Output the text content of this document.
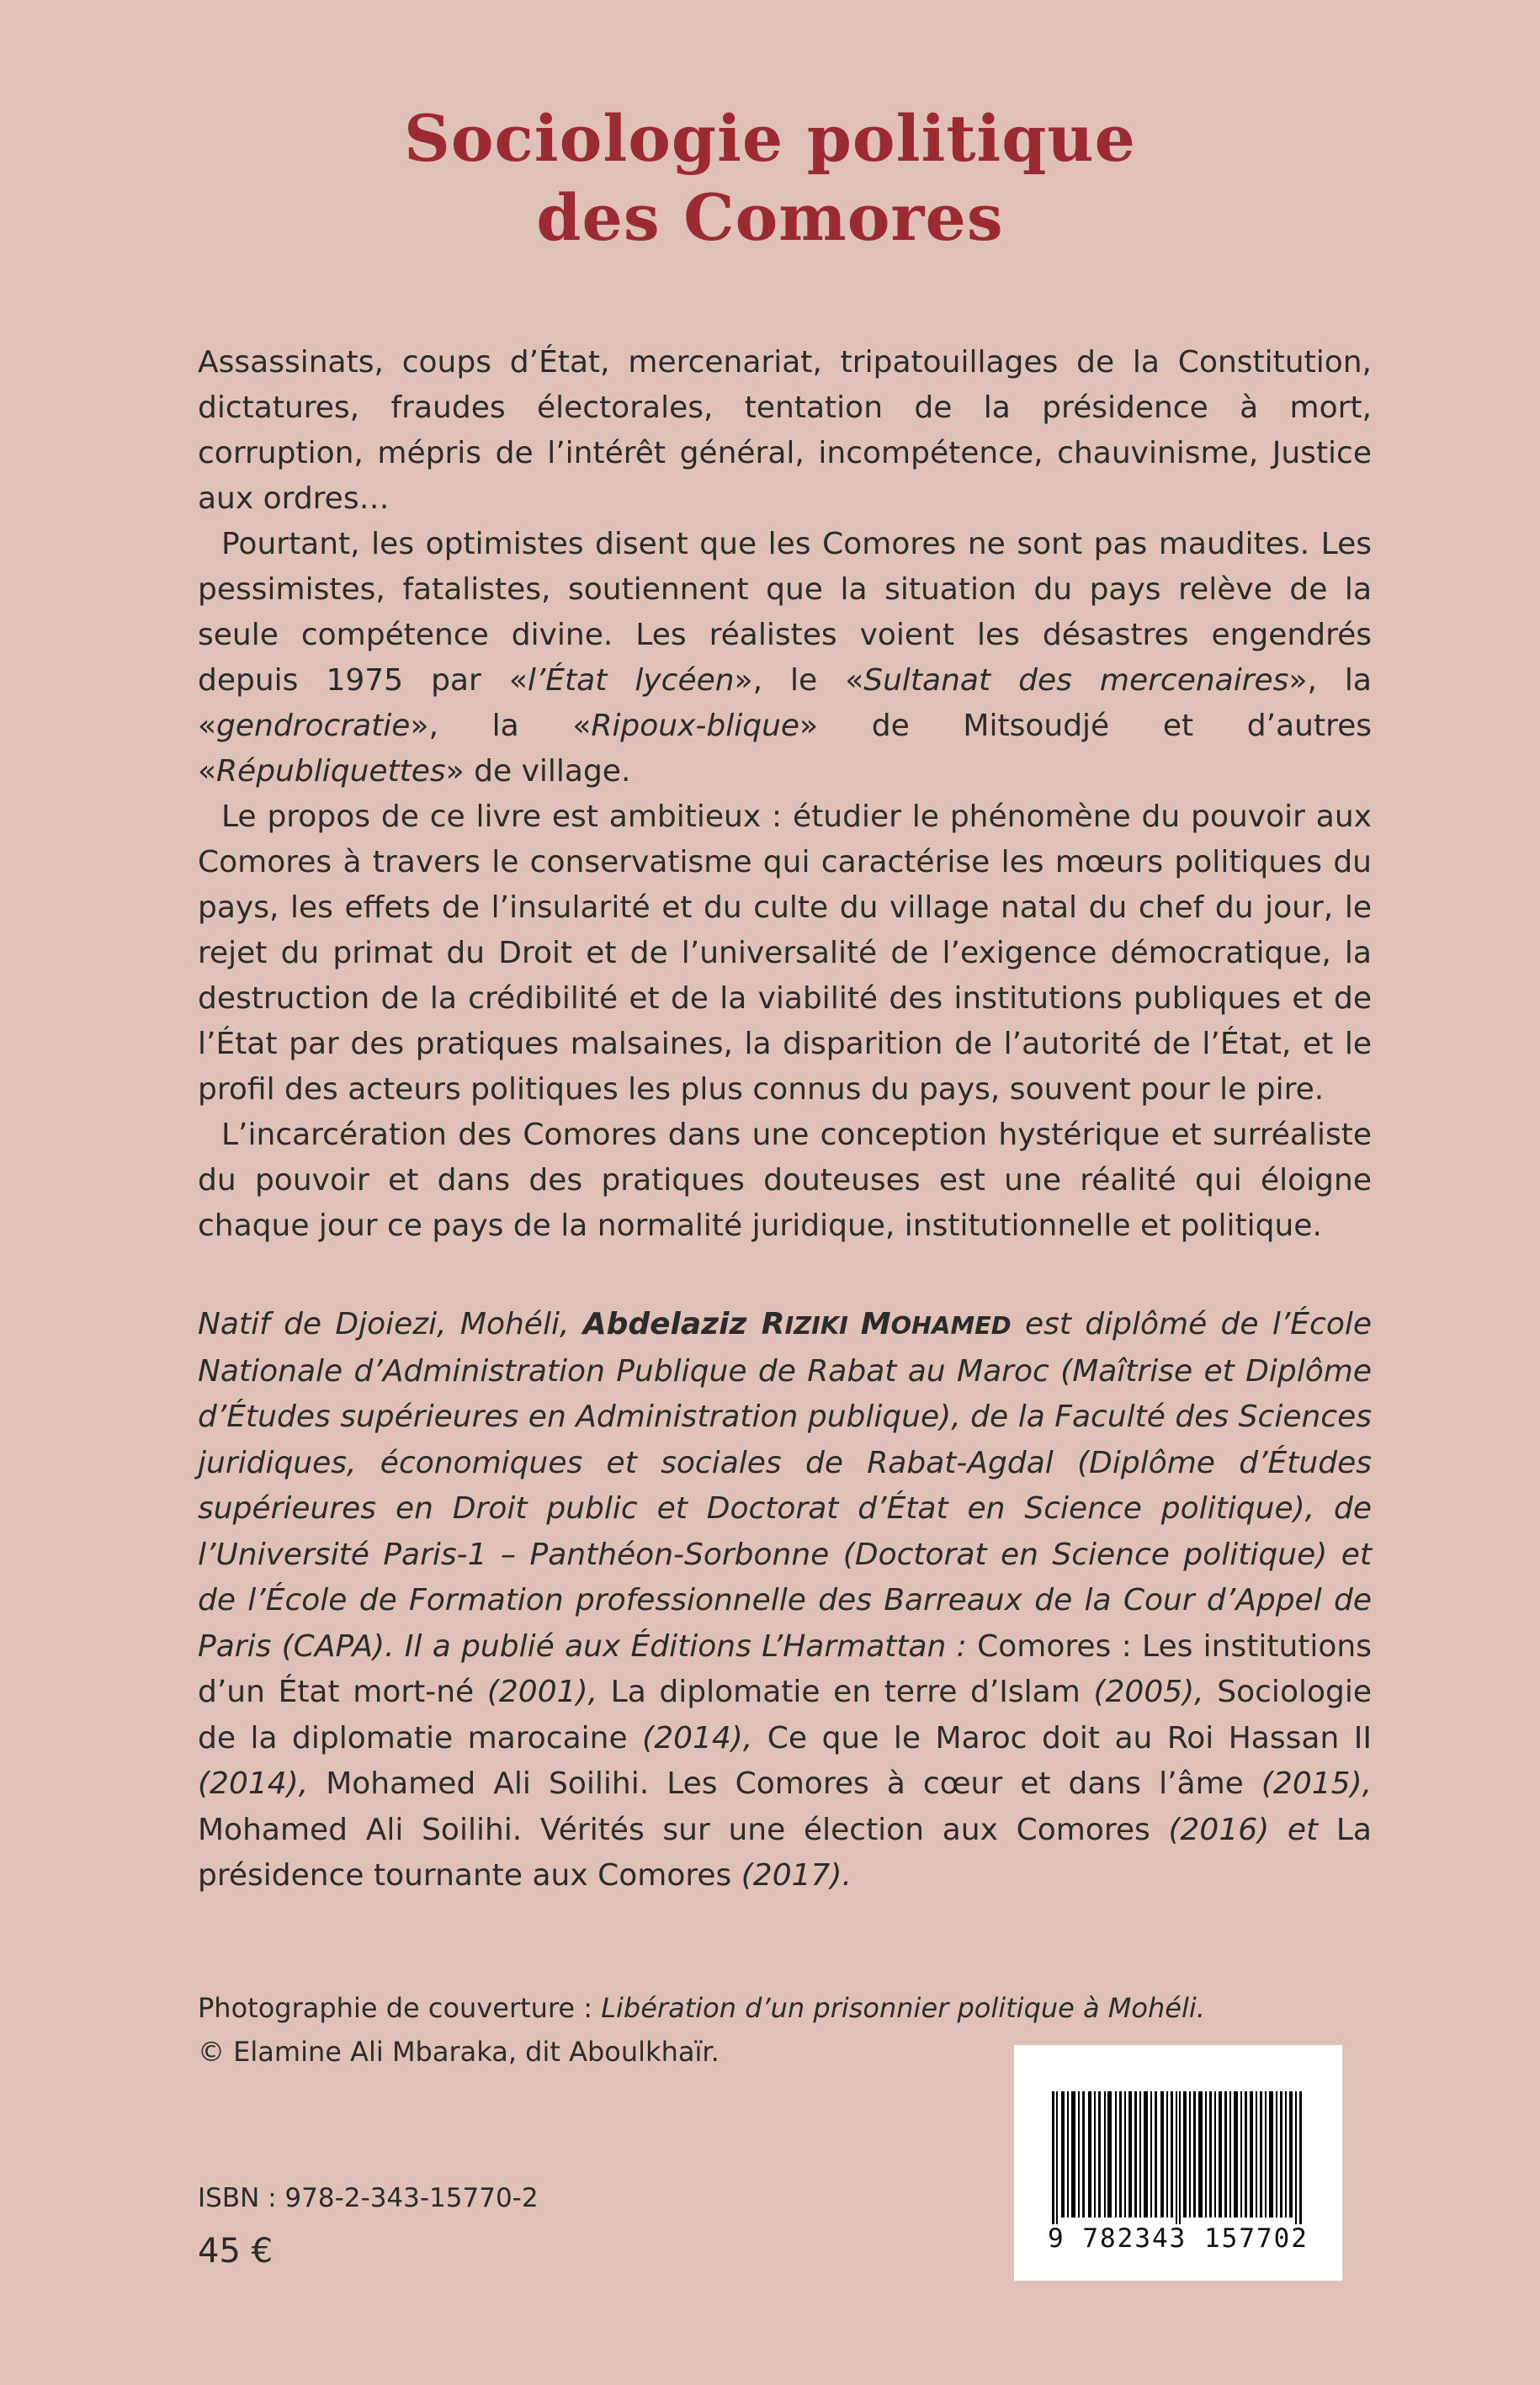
Sociologie politique
des Comores

Assassinats, coups d’État, mercenariat, tripatouillages de la Constitution, dictatures, fraudes électorales, tentation de la présidence à mort, corruption, mépris de l’intérêt général, incompétence, chauvinisme, Justice aux ordres…

Pourtant, les optimistes disent que les Comores ne sont pas maudites. Les pessimistes, fatalistes, soutiennent que la situation du pays relève de la seule compétence divine. Les réalistes voient les désastres engendrés depuis 1975 par «l’État lycéen», le «Sultanat des mercenaires», la «gendrocratie», la «Ripoux-blique» de Mitsoudjé et d’autres «Républiquettes» de village.

Le propos de ce livre est ambitieux : étudier le phénomène du pouvoir aux Comores à travers le conservatisme qui caractérise les mœurs politiques du pays, les effets de l’insularité et du culte du village natal du chef du jour, le rejet du primat du Droit et de l’universalité de l’exigence démocratique, la destruction de la crédibilité et de la viabilité des institutions publiques et de l’État par des pratiques malsaines, la disparition de l’autorité de l’État, et le profil des acteurs politiques les plus connus du pays, souvent pour le pire.

L’incarcération des Comores dans une conception hystérique et surréaliste du pouvoir et dans des pratiques douteuses est une réalité qui éloigne chaque jour ce pays de la normalité juridique, institutionnelle et politique.

Natif de Djoiezi, Mohéli, Abdelaziz RIZIKI MOHAMED est diplômé de l’École Nationale d’Administration Publique de Rabat au Maroc (Maîtrise et Diplôme d’Études supérieures en Administration publique), de la Faculté des Sciences juridiques, économiques et sociales de Rabat-Agdal (Diplôme d’Études supérieures en Droit public et Doctorat d’État en Science politique), de l’Université Paris-1 – Panthéon-Sorbonne (Doctorat en Science politique) et de l’École de Formation professionnelle des Barreaux de la Cour d’Appel de Paris (CAPA). Il a publié aux Éditions L’Harmattan : Comores : Les institutions d’un État mort-né (2001), La diplomatie en terre d’Islam (2005), Sociologie de la diplomatie marocaine (2014), Ce que le Maroc doit au Roi Hassan II (2014), Mohamed Ali Soilihi. Les Comores à cœur et dans l’âme (2015), Mohamed Ali Soilihi. Vérités sur une élection aux Comores (2016) et La présidence tournante aux Comores (2017).

Photographie de couverture : Libération d’un prisonnier politique à Mohéli.
© Elamine Ali Mbaraka, dit Aboulkhaïr.
ISBN : 978-2-343-15770-2
45 €	9 782343 157702
